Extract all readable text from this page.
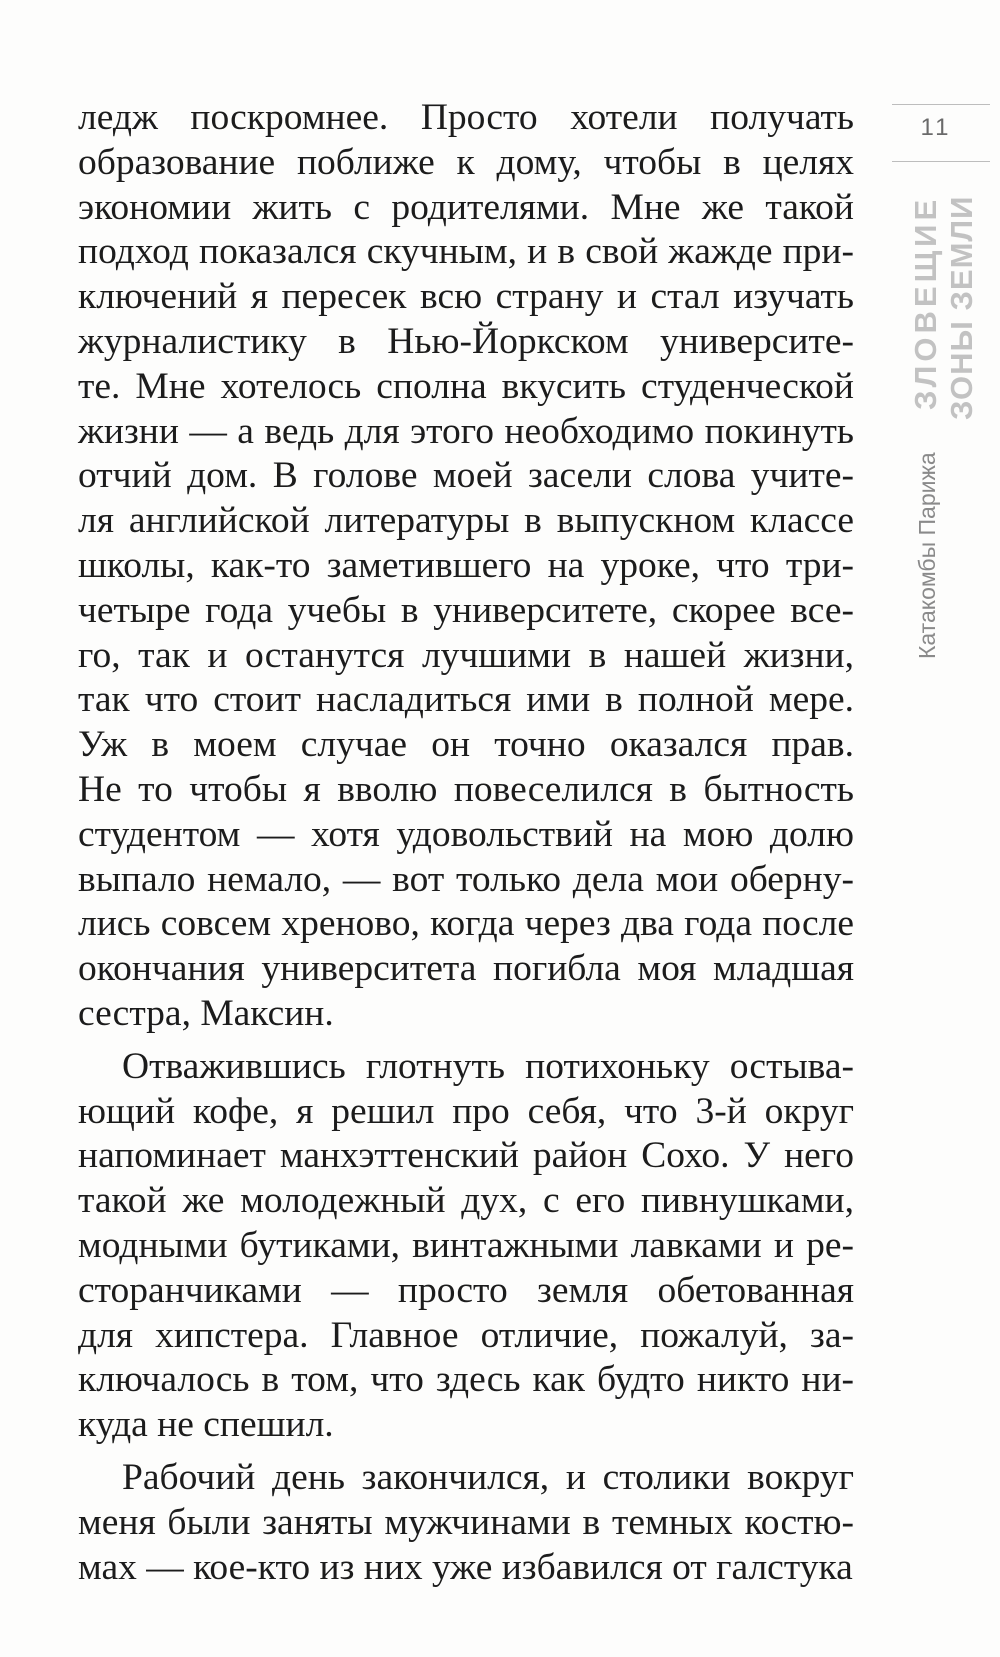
11
ЗЛОВЕЩИЕ ЗОНЫ ЗЕМЛИ
Катакомбы Парижа
ледж поскромнее. Просто хотели получать
образование поближе к дому, чтобы в целях
экономии жить с родителями. Мне же такой
подход показался скучным, и в свой жажде при-
ключений я пересек всю страну и стал изучать
журналистику в Нью-Йоркском университе-
те. Мне хотелось сполна вкусить студенческой
жизни — а ведь для этого необходимо покинуть
отчий дом. В голове моей засели слова учите-
ля английской литературы в выпускном классе
школы, как-то заметившего на уроке, что три-
четыре года учебы в университете, скорее все-
го, так и останутся лучшими в нашей жизни,
так что стоит насладиться ими в полной мере.
Уж в моем случае он точно оказался прав.
Не то чтобы я вволю повеселился в бытность
студентом — хотя удовольствий на мою долю
выпало немало, — вот только дела мои оберну-
лись совсем хреново, когда через два года после
окончания университета погибла моя младшая
сестра, Максин.
Отважившись глотнуть потихоньку остыва-
ющий кофе, я решил про себя, что 3-й округ
напоминает манхэттенский район Сохо. У него
такой же молодежный дух, с его пивнушками,
модными бутиками, винтажными лавками и ре-
сторанчиками — просто земля обетованная
для хипстера. Главное отличие, пожалуй, за-
ключалось в том, что здесь как будто никто ни-
куда не спешил.
Рабочий день закончился, и столики вокруг
меня были заняты мужчинами в темных костю-
мах — кое-кто из них уже избавился от галстука
